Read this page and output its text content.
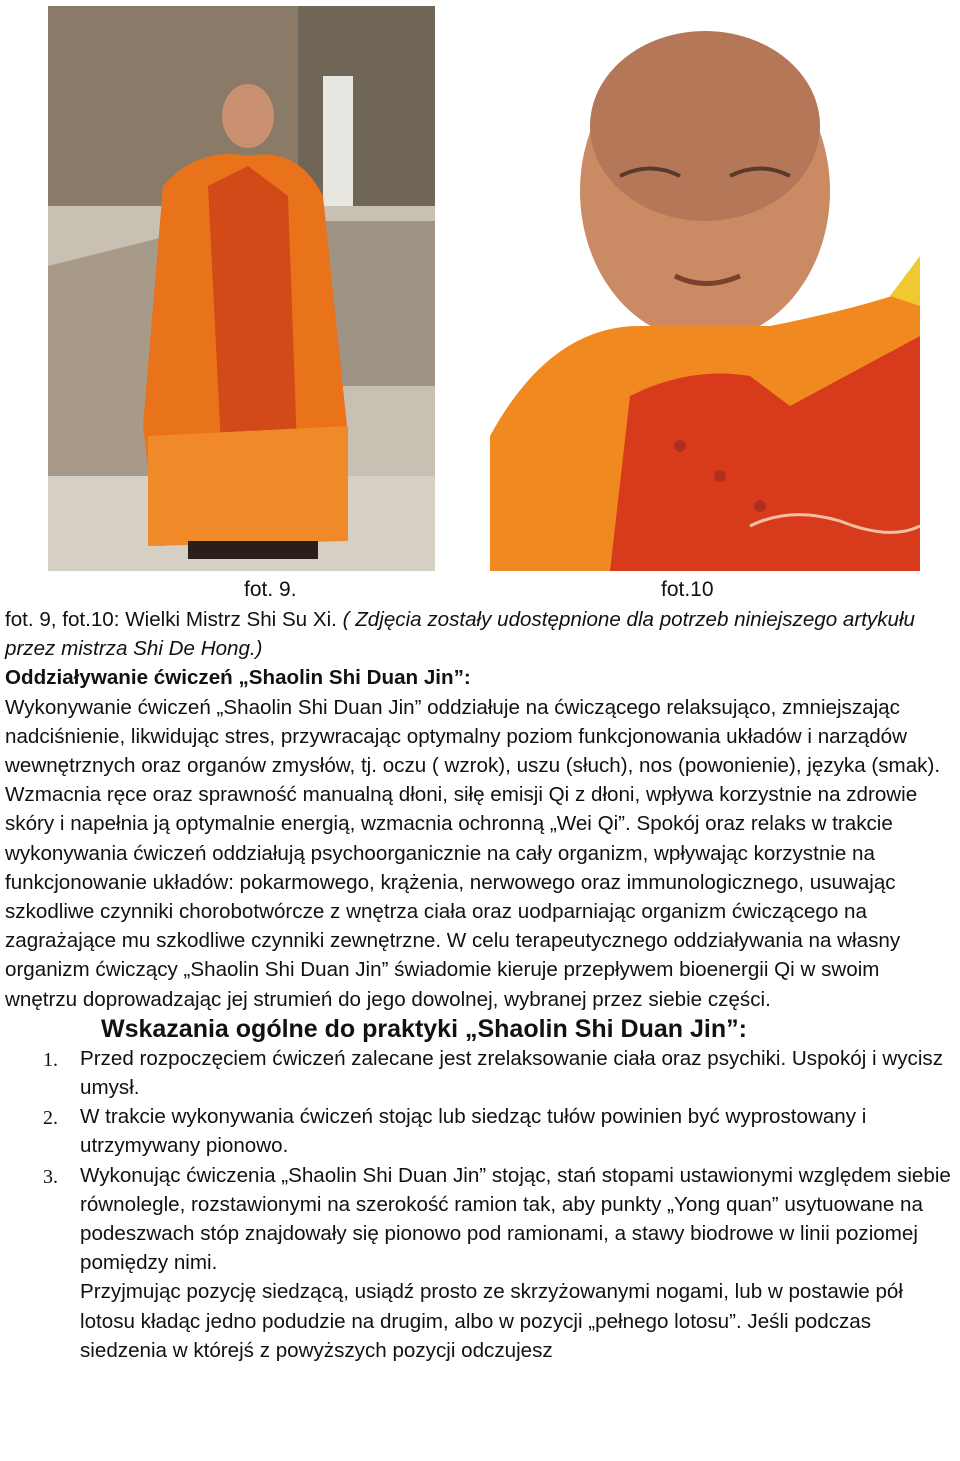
fot. 9.	fot.10

fot. 9, fot.10: Wielki Mistrz Shi Su Xi. ( Zdjęcia zostały udostępnione dla potrzeb niniejszego artykułu przez mistrza Shi De Hong.)

Oddziaływanie ćwiczeń „Shaolin Shi Duan Jin”:

Wykonywanie ćwiczeń „Shaolin Shi Duan Jin” oddziałuje na ćwiczącego relaksująco, zmniejszając nadciśnienie, likwidując stres, przywracając optymalny poziom funkcjonowania układów i narządów wewnętrznych oraz organów zmysłów, tj. oczu ( wzrok), uszu (słuch), nos (powonienie), języka (smak). Wzmacnia ręce oraz sprawność manualną dłoni, siłę emisji Qi z dłoni, wpływa korzystnie na zdrowie skóry i napełnia ją optymalnie energią, wzmacnia ochronną „Wei Qi”. Spokój oraz relaks w trakcie wykonywania ćwiczeń oddziałują psychoorganicznie na cały organizm, wpływając korzystnie na funkcjonowanie układów: pokarmowego, krążenia, nerwowego oraz immunologicznego, usuwając szkodliwe czynniki chorobotwórcze z wnętrza ciała oraz uodparniając organizm ćwiczącego na zagrażające mu szkodliwe czynniki zewnętrzne. W celu terapeutycznego oddziaływania na własny organizm ćwiczący „Shaolin Shi Duan Jin” świadomie kieruje przepływem bioenergii Qi w swoim wnętrzu doprowadzając jej strumień do jego dowolnej, wybranej przez siebie części.

Wskazania ogólne do praktyki „Shaolin Shi Duan Jin”:

1. Przed rozpoczęciem ćwiczeń zalecane jest zrelaksowanie ciała oraz psychiki. Uspokój i wycisz umysł.
2. W trakcie wykonywania ćwiczeń stojąc lub siedząc tułów powinien być wyprostowany i utrzymywany pionowo.
3. Wykonując ćwiczenia „Shaolin Shi Duan Jin” stojąc, stań stopami ustawionymi względem siebie równolegle, rozstawionymi na szerokość ramion tak, aby punkty „Yong quan” usytuowane na podeszwach stóp znajdowały się pionowo pod ramionami, a stawy biodrowe w linii poziomej pomiędzy nimi.
Przyjmując pozycję siedzącą, usiądź prosto ze skrzyżowanymi nogami, lub w postawie pół lotosu kładąc jedno podudzie na drugim, albo w pozycji „pełnego lotosu”. Jeśli podczas siedzenia w którejś z powyższych pozycji odczujesz
